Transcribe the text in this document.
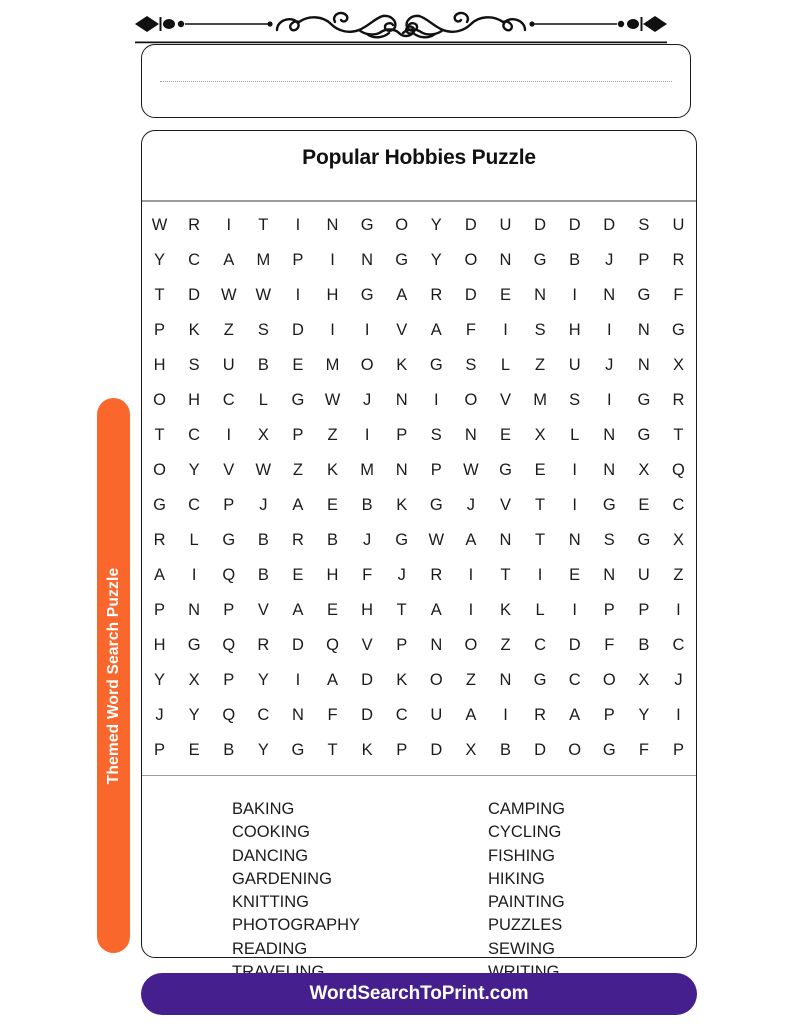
Popular Hobbies Puzzle
W	R	I	T	I	N	G	O	Y	D	U	D	D	D	S	U
Y	C	A	M	P	I	N	G	Y	O	N	G	B	J	P	R
T	D	W	W	I	H	G	A	R	D	E	N	I	N	G	F
P	K	Z	S	D	I	I	V	A	F	I	S	H	I	N	G
H	S	U	B	E	M	O	K	G	S	L	Z	U	J	N	X
O	H	C	L	G	W	J	N	I	O	V	M	S	I	G	R
T	C	I	X	P	Z	I	P	S	N	E	X	L	N	G	T
O	Y	V	W	Z	K	M	N	P	W	G	E	I	N	X	Q
G	C	P	J	A	E	B	K	G	J	V	T	I	G	E	C
R	L	G	B	R	B	J	G	W	A	N	T	N	S	G	X
A	I	Q	B	E	H	F	J	R	I	T	I	E	N	U	Z
P	N	P	V	A	E	H	T	A	I	K	L	I	P	P	I
H	G	Q	R	D	Q	V	P	N	O	Z	C	D	F	B	C
Y	X	P	Y	I	A	D	K	O	Z	N	G	C	O	X	J
J	Y	Q	C	N	F	D	C	U	A	I	R	A	P	Y	I
P	E	B	Y	G	T	K	P	D	X	B	D	O	G	F	P
BAKING
COOKING
DANCING
GARDENING
KNITTING
PHOTOGRAPHY
READING
CAMPING
CYCLING
FISHING
HIKING
PAINTING
PUZZLES
SEWING
Themed Word Search Puzzle
WordSearchToPrint.com
